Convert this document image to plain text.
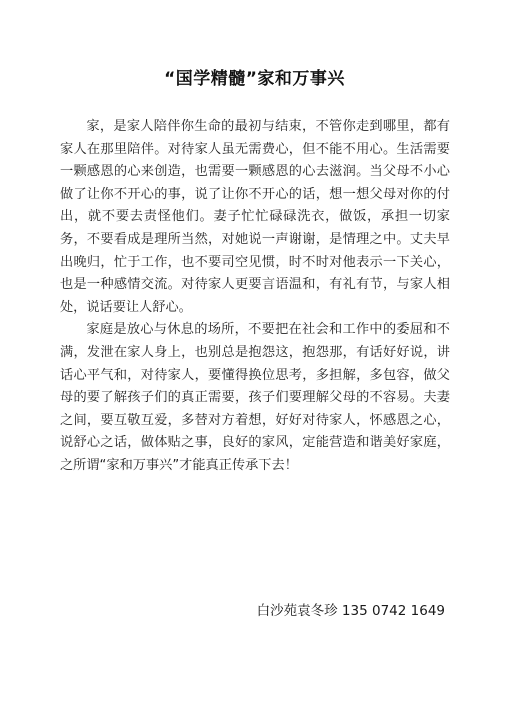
“国学精髓”家和万事兴

家，是家人陪伴你生命的最初与结束，不管你走到哪里，都有家人在那里陪伴。对待家人虽无需费心，但不能不用心。生活需要一颗感恩的心来创造，也需要一颗感恩的心去滋润。当父母不小心做了让你不开心的事，说了让你不开心的话，想一想父母对你的付出，就不要去责怪他们。妻子忙忙碌碌洗衣，做饭，承担一切家务，不要看成是理所当然，对她说一声谢谢，是情理之中。丈夫早出晚归，忙于工作，也不要司空见惯，时不时对他表示一下关心，也是一种感情交流。对待家人更要言语温和，有礼有节，与家人相处，说话要让人舒心。

家庭是放心与休息的场所，不要把在社会和工作中的委屈和不满，发泄在家人身上，也别总是抱怨这，抱怨那，有话好好说，讲话心平气和，对待家人，要懂得换位思考，多担解，多包容，做父母的要了解孩子们的真正需要，孩子们要理解父母的不容易。夫妻之间，要互敬互爱，多替对方着想，好好对待家人，怀感恩之心，说舒心之话，做体贴之事，良好的家风，定能营造和谐美好家庭，之所谓“家和万事兴”才能真正传承下去！

白沙苑袁冬珍 135 0742 1649
